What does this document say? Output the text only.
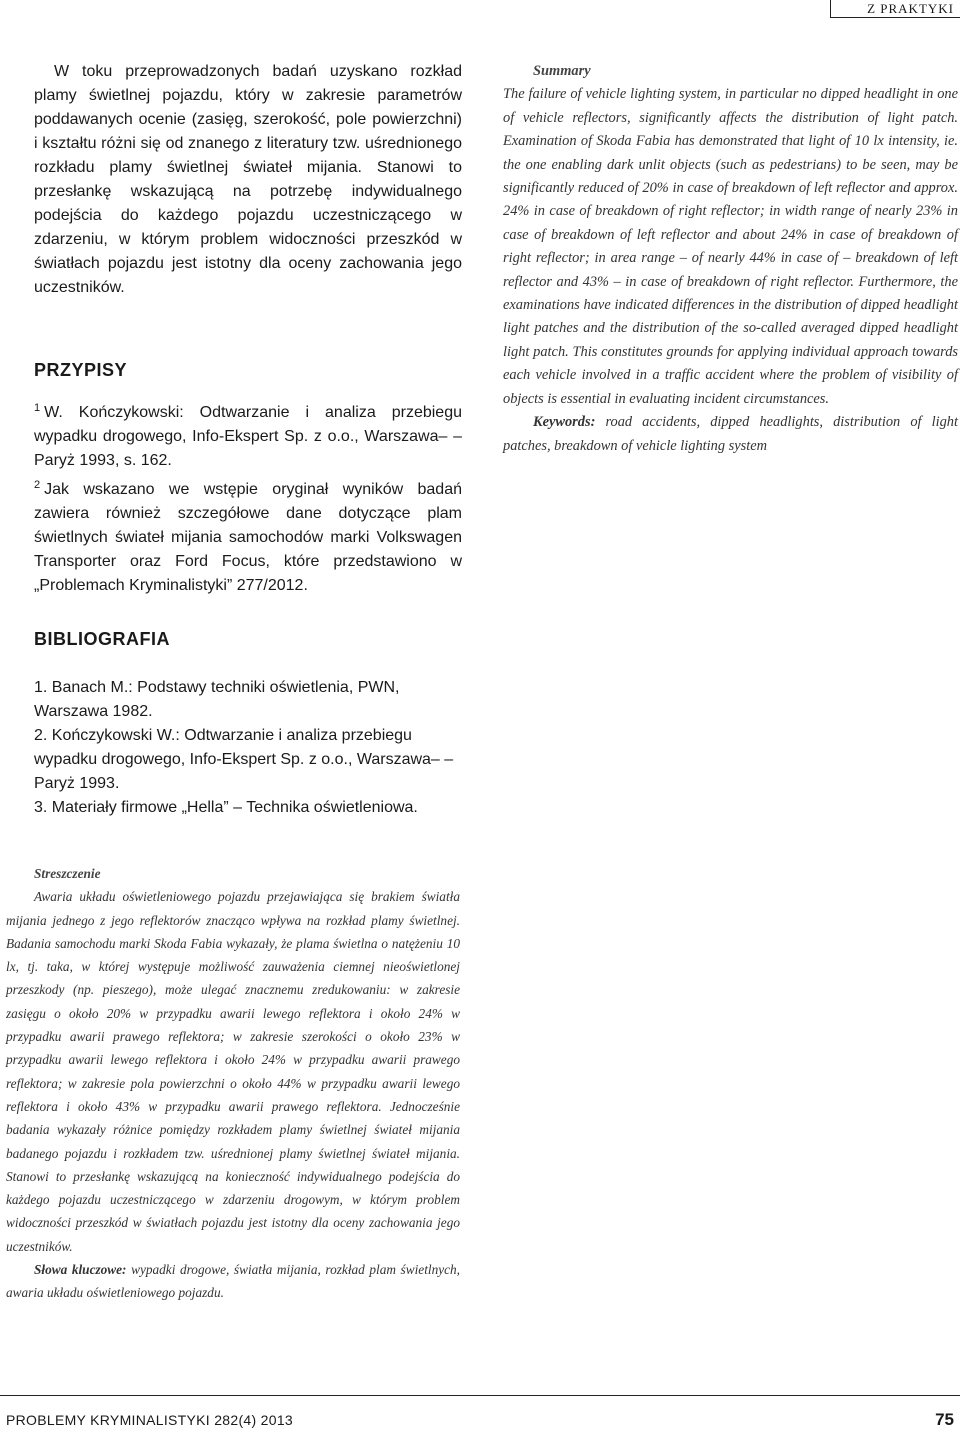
Z PRAKTYKI

W toku przeprowadzonych badań uzyskano rozkład plamy świetlnej pojazdu, który w zakresie parametrów poddawanych ocenie (zasięg, szerokość, pole powierzchni) i kształtu różni się od znanego z literatury tzw. uśrednionego rozkładu plamy świetlnej świateł mijania. Stanowi to przesłankę wskazującą na potrzebę indywidualnego podejścia do każdego pojazdu uczestniczącego w zdarzeniu, w którym problem widoczności przeszkód w światłach pojazdu jest istotny dla oceny zachowania jego uczestników.

PRZYPISY

$^1$ W. Kończykowski: Odtwarzanie i analiza przebiegu wypadku drogowego, Info-Ekspert Sp. z o.o., Warszawa– –Paryż 1993, s. 162.

$^2$ Jak wskazano we wstępie oryginał wyników badań zawiera również szczegółowe dane dotyczące plam świetlnych świateł mijania samochodów marki Volkswagen Transporter oraz Ford Focus, które przedstawiono w „Problemach Kryminalistyki” 277/2012.

BIBLIOGRAFIA

1. Banach M.: Podstawy techniki oświetlenia, PWN, Warszawa 1982.

2. Kończykowski W.: Odtwarzanie i analiza przebiegu wypadku drogowego, Info-Ekspert Sp. z o.o., Warszawa– –Paryż 1993.

3. Materiały firmowe „Hella” – Technika oświetleniowa.

Summary

The failure of vehicle lighting system, in particular no dipped headlight in one of vehicle reflectors, significantly affects the distribution of light patch. Examination of Skoda Fabia has demonstrated that light of 10 lx intensity, ie. the one enabling dark unlit objects (such as pedestrians) to be seen, may be significantly reduced of 20% in case of breakdown of left reflector and approx. 24% in case of breakdown of right reflector; in width range of nearly 23% in case of breakdown of left reflector and about 24% in case of breakdown of right reflector; in area range – of nearly 44% in case of – breakdown of left reflector and 43% – in case of breakdown of right reflector. Furthermore, the examinations have indicated differences in the distribution of dipped headlight light patches and the distribution of the so-called averaged dipped headlight light patch. This constitutes grounds for applying individual approach towards each vehicle involved in a traffic accident where the problem of visibility of objects is essential in evaluating incident circumstances.

Keywords: road accidents, dipped headlights, distribution of light patches, breakdown of vehicle lighting system

Streszczenie

Awaria układu oświetleniowego pojazdu przejawiająca się brakiem światła mijania jednego z jego reflektorów znacząco wpływa na rozkład plamy świetlnej. Badania samochodu marki Skoda Fabia wykazały, że plama świetlna o natężeniu 10 lx, tj. taka, w której występuje możliwość zauważenia ciemnej nieoświetlonej przeszkody (np. pieszego), może ulegać znacznemu zredukowaniu: w zakresie zasięgu o około 20% w przypadku awarii lewego reflektora i około 24% w przypadku awarii prawego reflektora; w zakresie szerokości o około 23% w przypadku awarii lewego reflektora i około 24% w przypadku awarii prawego reflektora; w zakresie pola powierzchni o około 44% w przypadku awarii lewego reflektora i około 43% w przypadku awarii prawego reflektora. Jednocześnie badania wykazały różnice pomiędzy rozkładem plamy świetlnej świateł mijania badanego pojazdu i rozkładem tzw. uśrednionej plamy świetlnej świateł mijania. Stanowi to przesłankę wskazującą na konieczność indywidualnego podejścia do każdego pojazdu uczestniczącego w zdarzeniu drogowym, w którym problem widoczności przeszkód w światłach pojazdu jest istotny dla oceny zachowania jego uczestników.

Słowa kluczowe: wypadki drogowe, światła mijania, rozkład plam świetlnych, awaria układu oświetleniowego pojazdu.

PROBLEMY KRYMINALISTYKI 282(4) 2013	75
